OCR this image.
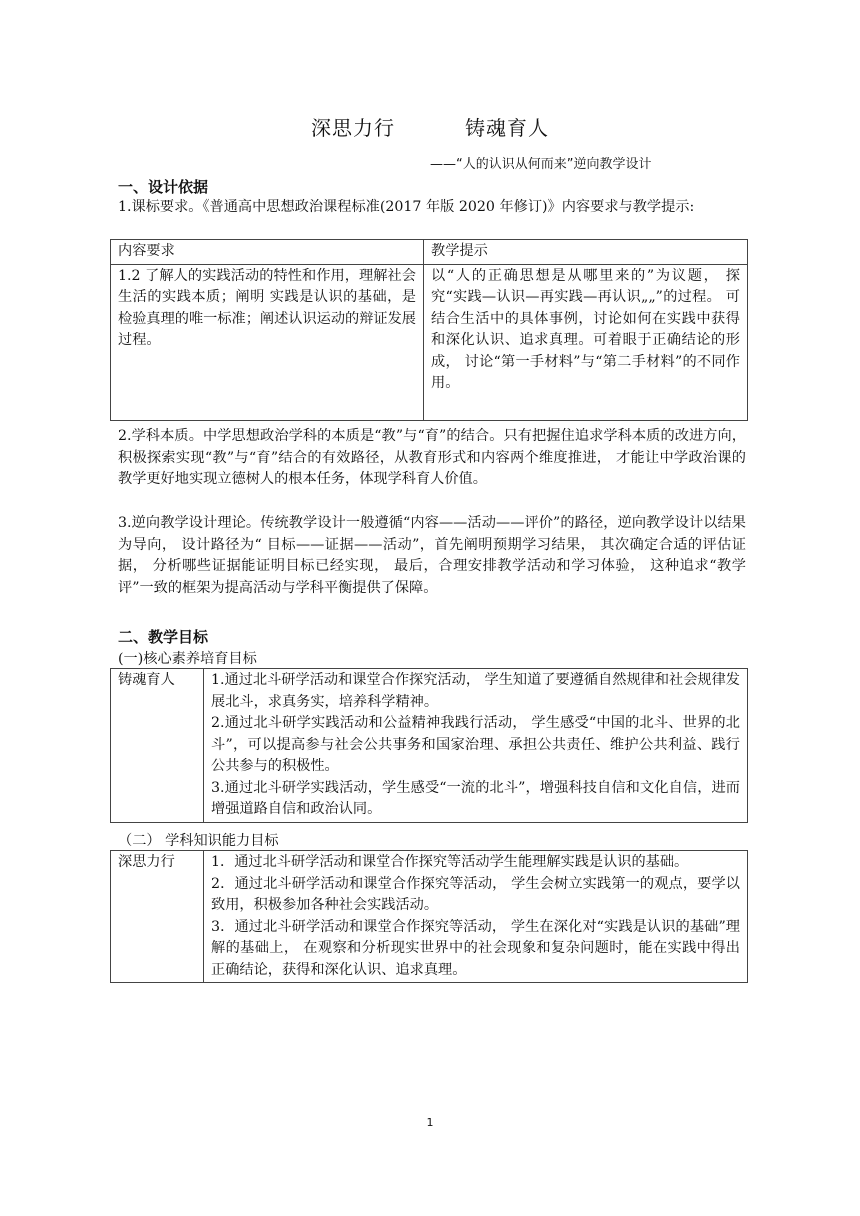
深思力行	铸魂育人
——“人的认识从何而来”逆向教学设计
一、设计依据
1.课标要求。《普通高中思想政治课程标准(2017 年版 2020 年修订)》内容要求与教学提示:
内容要求	教学提示
1.2 了解人的实践活动的特性和作用，理解社会生活的实践本质；阐明 实践是认识的基础，是检验真理的唯一标准；阐述认识运动的辩证发展过程。	以“人的正确思想是从哪里来的”为议题， 探究“实践—认识—再实践—再认识„„”的过程。 可结合生活中的具体事例，讨论如何在实践中获得和深化认识、追求真理。可着眼于正确结论的形成， 讨论“第一手材料”与“第二手材料”的不同作用。
2.学科本质。中学思想政治学科的本质是“教”与“育”的结合。只有把握住追求学科本质的改进方向， 积极探索实现“教”与“育”结合的有效路径，从教育形式和内容两个维度推进， 才能让中学政治课的教学更好地实现立德树人的根本任务，体现学科育人价值。
3.逆向教学设计理论。传统教学设计一般遵循“内容——活动——评价”的路径，逆向教学设计以结果为导向， 设计路径为“ 目标——证据——活动”，首先阐明预期学习结果， 其次确定合适的评估证据， 分析哪些证据能证明目标已经实现， 最后，合理安排教学活动和学习体验， 这种追求“教学评”一致的框架为提高活动与学科平衡提供了保障。
二、教学目标
(一)核心素养培育目标
铸魂育人	1.通过北斗研学活动和课堂合作探究活动， 学生知道了要遵循自然规律和社会规律发展北斗，求真务实，培养科学精神。
2.通过北斗研学实践活动和公益精神我践行活动， 学生感受“中国的北斗、世界的北斗”，可以提高参与社会公共事务和国家治理、承担公共责任、维护公共利益、践行公共参与的积极性。
3.通过北斗研学实践活动，学生感受“一流的北斗”，增强科技自信和文化自信，进而增强道路自信和政治认同。
（二） 学科知识能力目标
深思力行	1．通过北斗研学活动和课堂合作探究等活动学生能理解实践是认识的基础。
2．通过北斗研学活动和课堂合作探究等活动， 学生会树立实践第一的观点，要学以致用，积极参加各种社会实践活动。
3．通过北斗研学活动和课堂合作探究等活动， 学生在深化对“实践是认识的基础”理解的基础上， 在观察和分析现实世界中的社会现象和复杂问题时，能在实践中得出正确结论，获得和深化认识、追求真理。
1
